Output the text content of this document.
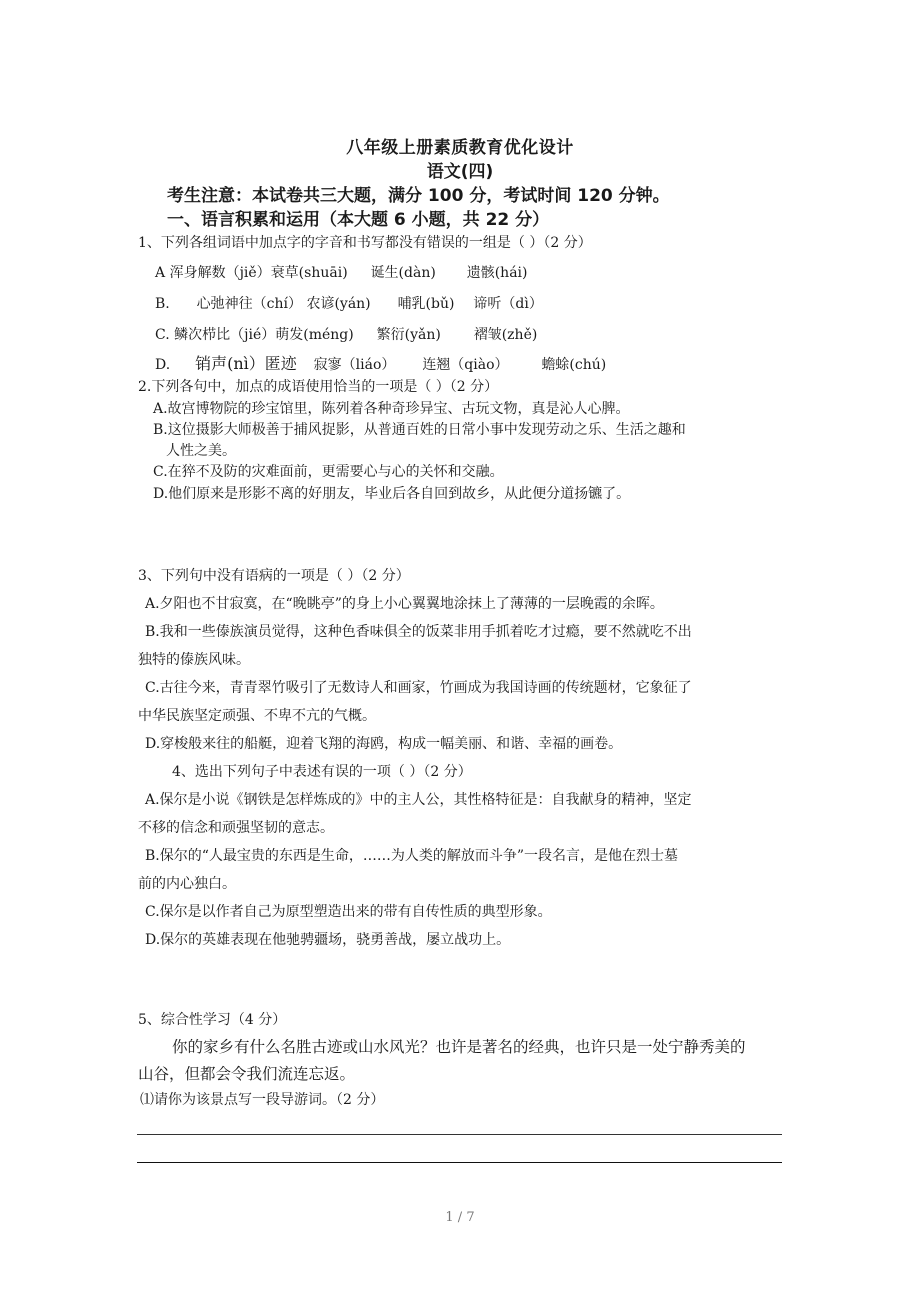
八年级上册素质教育优化设计
语文(四)
考生注意：本试卷共三大题，满分 100 分，考试时间 120 分钟。
一、语言积累和运用（本大题 6 小题，共 22 分）
1、下列各组词语中加点字的字音和书写都没有错误的一组是（ ）（2 分）
A 浑身解数（jiě）衰草(shuāi) 诞生(dàn) 遗骸(hái)
B. 心弛神往（chí） 农谚(yán) 哺乳(bǔ) 谛听（dì）
C. 鳞次栉比（jié）萌发(méng) 繁衍(yǎn) 褶皱(zhě)
D. 销声(nì）匿迹 寂寥（liáo） 连翘（qiào） 蟾蜍(chú)
2.下列各句中，加点的成语使用恰当的一项是（ ）（2 分）
A.故宫博物院的珍宝馆里，陈列着各种奇珍异宝、古玩文物，真是沁人心脾。
B.这位摄影大师极善于捕风捉影，从普通百姓的日常小事中发现劳动之乐、生活之趣和
人性之美。
C.在猝不及防的灾难面前，更需要心与心的关怀和交融。
D.他们原来是形影不离的好朋友，毕业后各自回到故乡，从此便分道扬镳了。
3、下列句中没有语病的一项是（ ）（2 分）
A.夕阳也不甘寂寞，在“晚眺亭”的身上小心翼翼地涂抹上了薄薄的一层晚霞的余晖。
B.我和一些傣族演员觉得，这种色香味俱全的饭菜非用手抓着吃才过瘾，要不然就吃不出
独特的傣族风味。
C.古往今来，青青翠竹吸引了无数诗人和画家，竹画成为我国诗画的传统题材，它象征了
中华民族坚定顽强、不卑不亢的气概。
D.穿梭般来往的船艇，迎着飞翔的海鸥，构成一幅美丽、和谐、幸福的画卷。
4、选出下列句子中表述有误的一项（ ）（2 分）
A.保尔是小说《钢铁是怎样炼成的》中的主人公，其性格特征是：自我献身的精神，坚定
不移的信念和顽强坚韧的意志。
B.保尔的“人最宝贵的东西是生命，……为人类的解放而斗争”一段名言，是他在烈士墓
前的内心独白。
C.保尔是以作者自己为原型塑造出来的带有自传性质的典型形象。
D.保尔的英雄表现在他驰骋疆场，骁勇善战，屡立战功上。
5、综合性学习（4 分）
你的家乡有什么名胜古迹或山水风光？也许是著名的经典，也许只是一处宁静秀美的
山谷，但都会令我们流连忘返。
⑴请你为该景点写一段导游词。（2 分）
1 / 7
